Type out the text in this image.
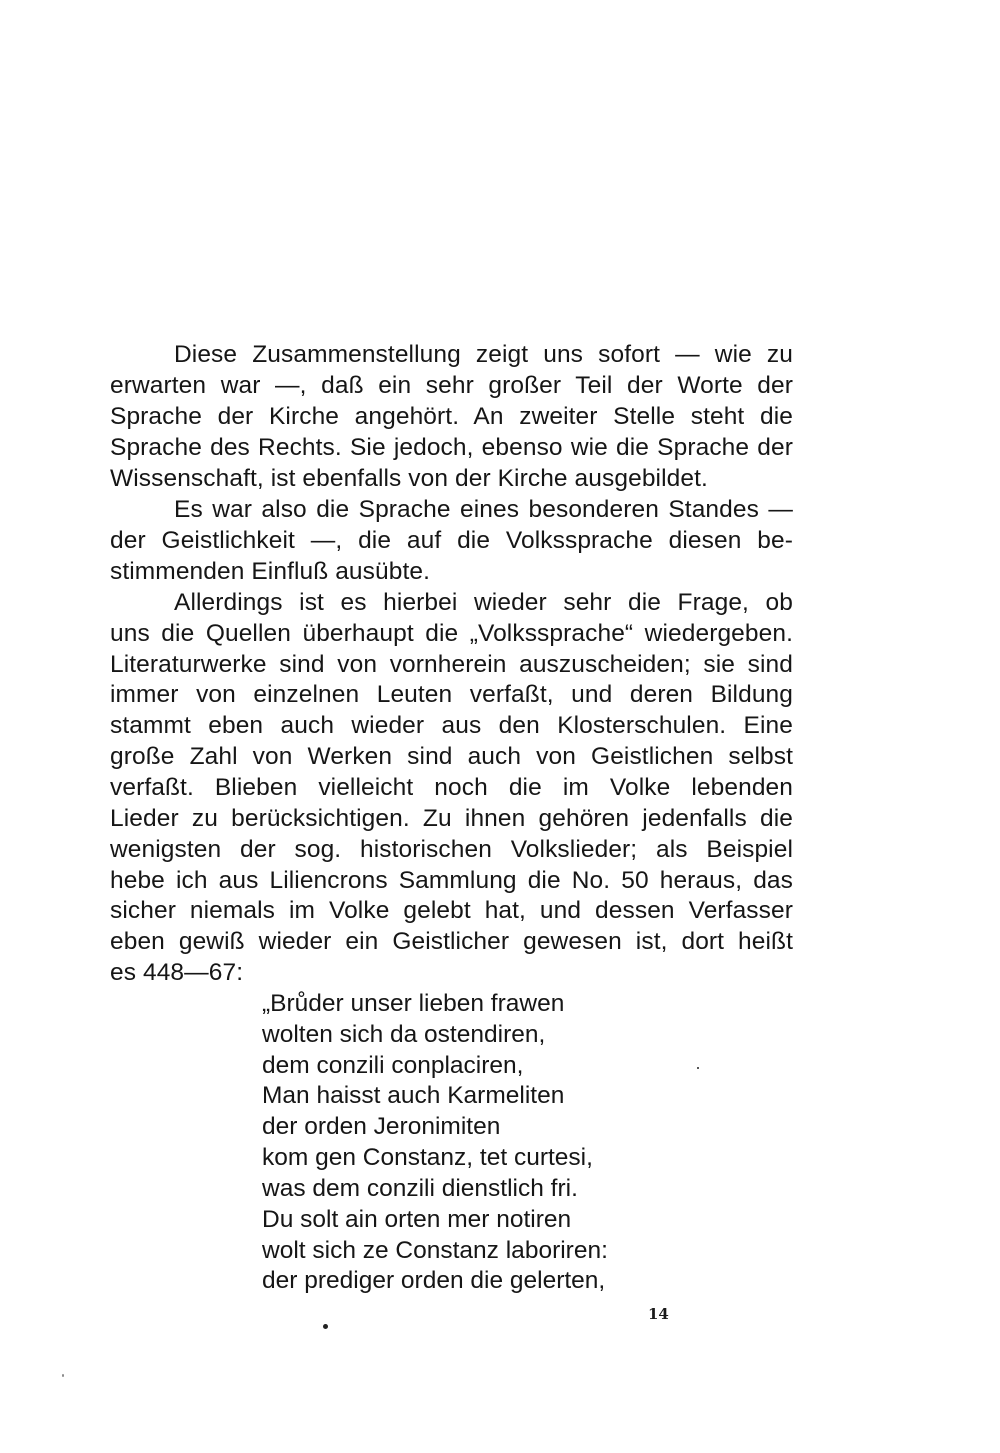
Diese Zusammenstellung zeigt uns sofort — wie zu
erwarten war —, daß ein sehr großer Teil der Worte der
Sprache der Kirche angehört. An zweiter Stelle steht die
Sprache des Rechts. Sie jedoch, ebenso wie die Sprache der
Wissenschaft, ist ebenfalls von der Kirche ausgebildet.
Es war also die Sprache eines besonderen Standes —
der Geistlichkeit —, die auf die Volkssprache diesen be-
stimmenden Einfluß ausübte.
Allerdings ist es hierbei wieder sehr die Frage, ob
uns die Quellen überhaupt die „Volkssprache“ wiedergeben.
Literaturwerke sind von vornherein auszuscheiden; sie sind
immer von einzelnen Leuten verfaßt, und deren Bildung
stammt eben auch wieder aus den Klosterschulen. Eine
große Zahl von Werken sind auch von Geistlichen selbst
verfaßt. Blieben vielleicht noch die im Volke lebenden
Lieder zu berücksichtigen. Zu ihnen gehören jedenfalls die
wenigsten der sog. historischen Volkslieder; als Beispiel
hebe ich aus Liliencrons Sammlung die No. 50 heraus, das
sicher niemals im Volke gelebt hat, und dessen Verfasser
eben gewiß wieder ein Geistlicher gewesen ist, dort heißt
es 448—67:
„Brůder unser lieben frawen
wolten sich da ostendiren,
dem conzili conplaciren,
Man haisst auch Karmeliten
der orden Jeronimiten
kom gen Constanz, tet curtesi,
was dem conzili dienstlich fri.
Du solt ain orten mer notiren
wolt sich ze Constanz laboriren:
der prediger orden die gelerten,
14
